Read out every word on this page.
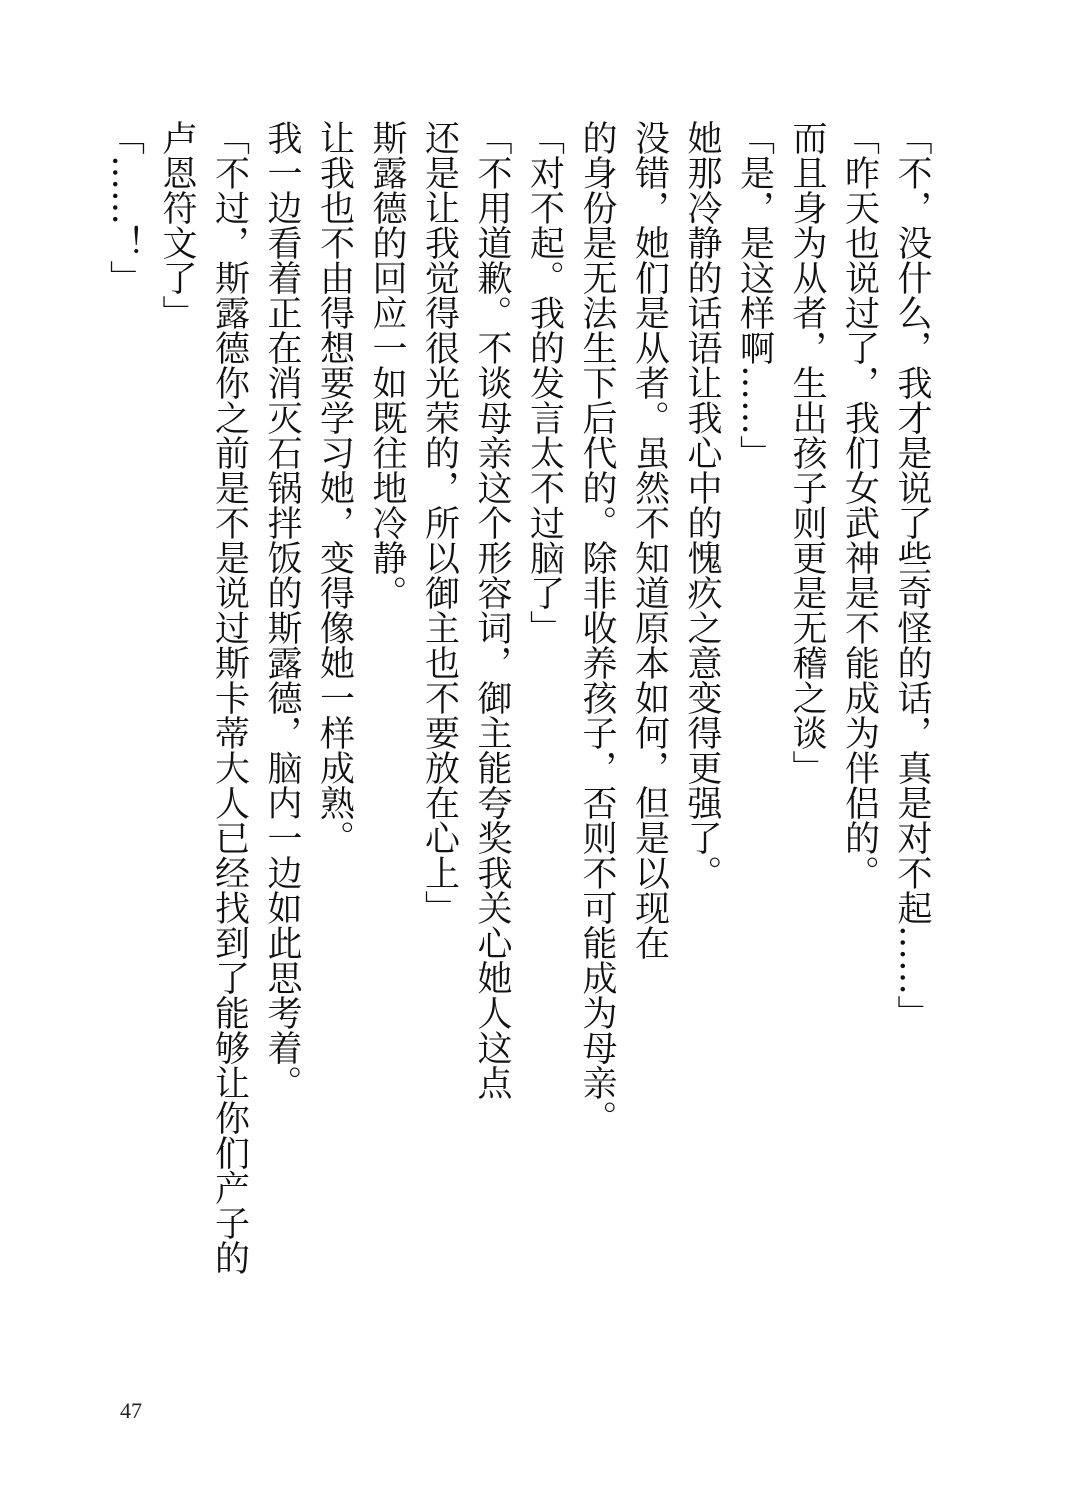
「不，没什么，我才是说了些奇怪的话，真是对不起……」
「昨天也说过了，我们女武神是不能成为伴侣的。
而且身为从者，生出孩子则更是无稽之谈」
「是，是这样啊……」
她那冷静的话语让我心中的愧疚之意变得更强了。
没错，她们是从者。虽然不知道原本如何，但是以现在
的身份是无法生下后代的。除非收养孩子，否则不可能成为母亲。
「对不起。我的发言太不过脑了」
「不用道歉。不谈母亲这个形容词，御主能夸奖我关心她人这点
还是让我觉得很光荣的，所以御主也不要放在心上」
斯露德的回应一如既往地冷静。
让我也不由得想要学习她，变得像她一样成熟。
我一边看着正在消灭石锅拌饭的斯露德，脑内一边如此思考着。
「不过，斯露德你之前是不是说过斯卡蒂大人已经找到了能够让你们产子的
卢恩符文了」
「……！」
47
